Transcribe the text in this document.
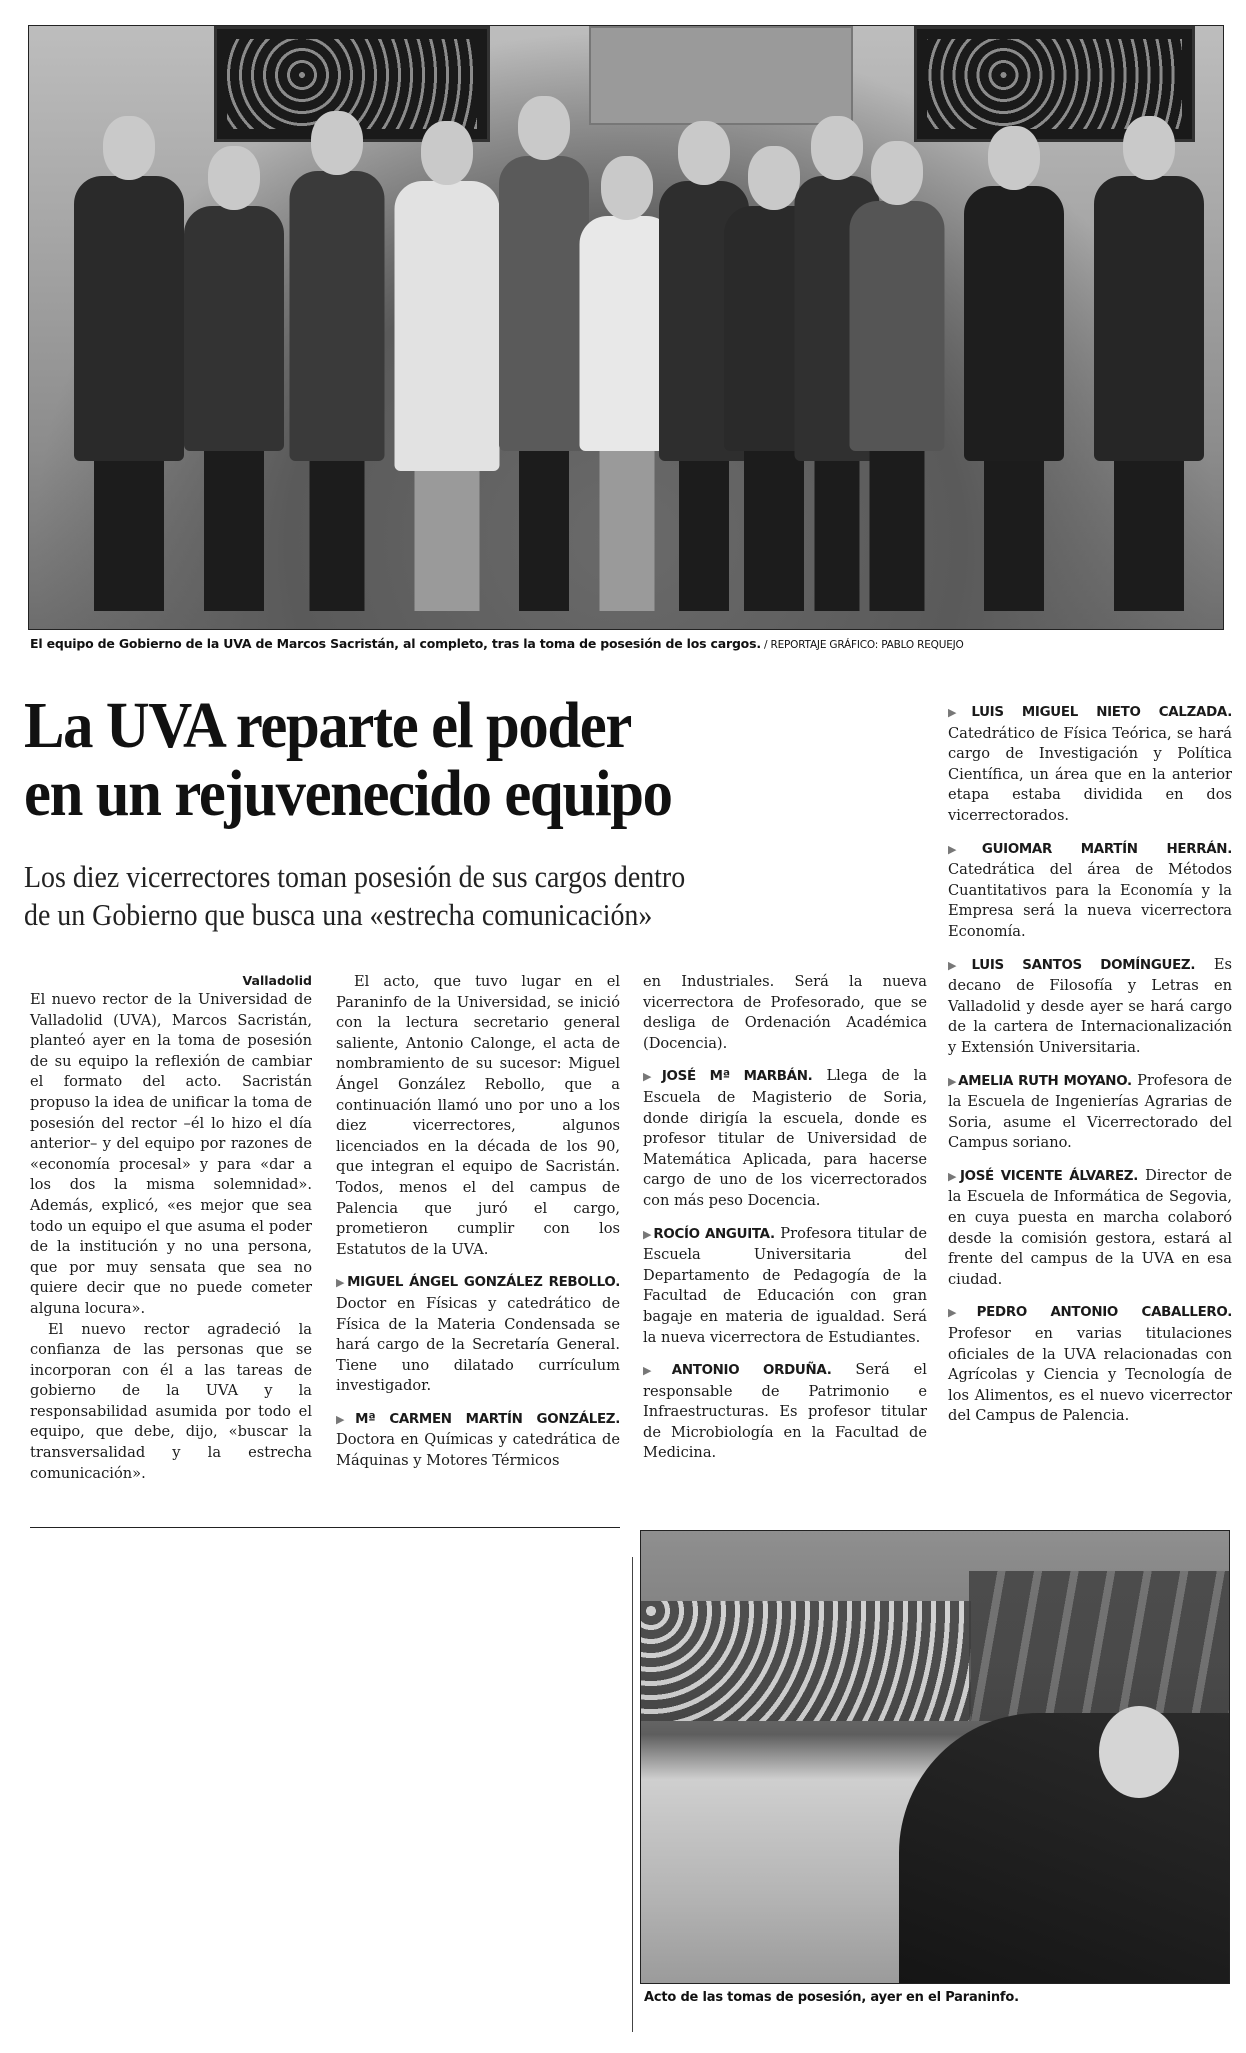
El equipo de Gobierno de la UVA de Marcos Sacristán, al completo, tras la toma de posesión de los cargos. / REPORTAJE GRÁFICO: PABLO REQUEJO
La UVA reparte el poder
en un rejuvenecido equipo
Los diez vicerrectores toman posesión de sus cargos dentro
de un Gobierno que busca una «estrecha comunicación»
Valladolid

El nuevo rector de la Universidad de Valladolid (UVA), Marcos Sacristán, planteó ayer en la toma de posesión de su equipo la reflexión de cambiar el formato del acto. Sacristán propuso la idea de unificar la toma de posesión del rector –él lo hizo el día anterior– y del equipo por razones de «economía procesal» y para «dar a los dos la misma solemnidad». Además, explicó, «es mejor que sea todo un equipo el que asuma el poder de la institución y no una persona, que por muy sensata que sea no quiere decir que no puede cometer alguna locura».

El nuevo rector agradeció la confianza de las personas que se incorporan con él a las tareas de gobierno de la UVA y la responsabilidad asumida por todo el equipo, que debe, dijo, «buscar la transversalidad y la estrecha comunicación».

El acto, que tuvo lugar en el Paraninfo de la Universidad, se inició con la lectura secretario general saliente, Antonio Calonge, el acta de nombramiento de su sucesor: Miguel Ángel González Rebollo, que a continuación llamó uno por uno a los diez vicerrectores, algunos licenciados en la década de los 90, que integran el equipo de Sacristán. Todos, menos el del campus de Palencia que juró el cargo, prometieron cumplir con los Estatutos de la UVA.

▶MIGUEL ÁNGEL GONZÁLEZ REBOLLO. Doctor en Físicas y catedrático de Física de la Materia Condensada se hará cargo de la Secretaría General. Tiene uno dilatado currículum investigador.

▶Mª CARMEN MARTÍN GONZÁLEZ. Doctora en Químicas y catedrática de Máquinas y Motores Térmicos

en Industriales. Será la nueva vicerrectora de Profesorado, que se desliga de Ordenación Académica (Docencia).

▶JOSÉ Mª MARBÁN. Llega de la Escuela de Magisterio de Soria, donde dirigía la escuela, donde es profesor titular de Universidad de Matemática Aplicada, para hacerse cargo de uno de los vicerrectorados con más peso Docencia.

▶ROCÍO ANGUITA. Profesora titular de Escuela Universitaria del Departamento de Pedagogía de la Facultad de Educación con gran bagaje en materia de igualdad. Será la nueva vicerrectora de Estudiantes.

▶ANTONIO ORDUÑA. Será el responsable de Patrimonio e Infraestructuras. Es profesor titular de Microbiología en la Facultad de Medicina.

▶LUIS MIGUEL NIETO CALZADA. Catedrático de Física Teórica, se hará cargo de Investigación y Política Científica, un área que en la anterior etapa estaba dividida en dos vicerrectorados.

▶GUIOMAR MARTÍN HERRÁN. Catedrática del área de Métodos Cuantitativos para la Economía y la Empresa será la nueva vicerrectora Economía.

▶LUIS SANTOS DOMÍNGUEZ. Es decano de Filosofía y Letras en Valladolid y desde ayer se hará cargo de la cartera de Internacionalización y Extensión Universitaria.

▶AMELIA RUTH MOYANO. Profesora de la Escuela de Ingenierías Agrarias de Soria, asume el Vicerrectorado del Campus soriano.

▶JOSÉ VICENTE ÁLVAREZ. Director de la Escuela de Informática de Segovia, en cuya puesta en marcha colaboró desde la comisión gestora, estará al frente del campus de la UVA en esa ciudad.

▶PEDRO ANTONIO CABALLERO. Profesor en varias titulaciones oficiales de la UVA relacionadas con Agrícolas y Ciencia y Tecnología de los Alimentos, es el nuevo vicerrector del Campus de Palencia.

Acto de las tomas de posesión, ayer en el Paraninfo.
